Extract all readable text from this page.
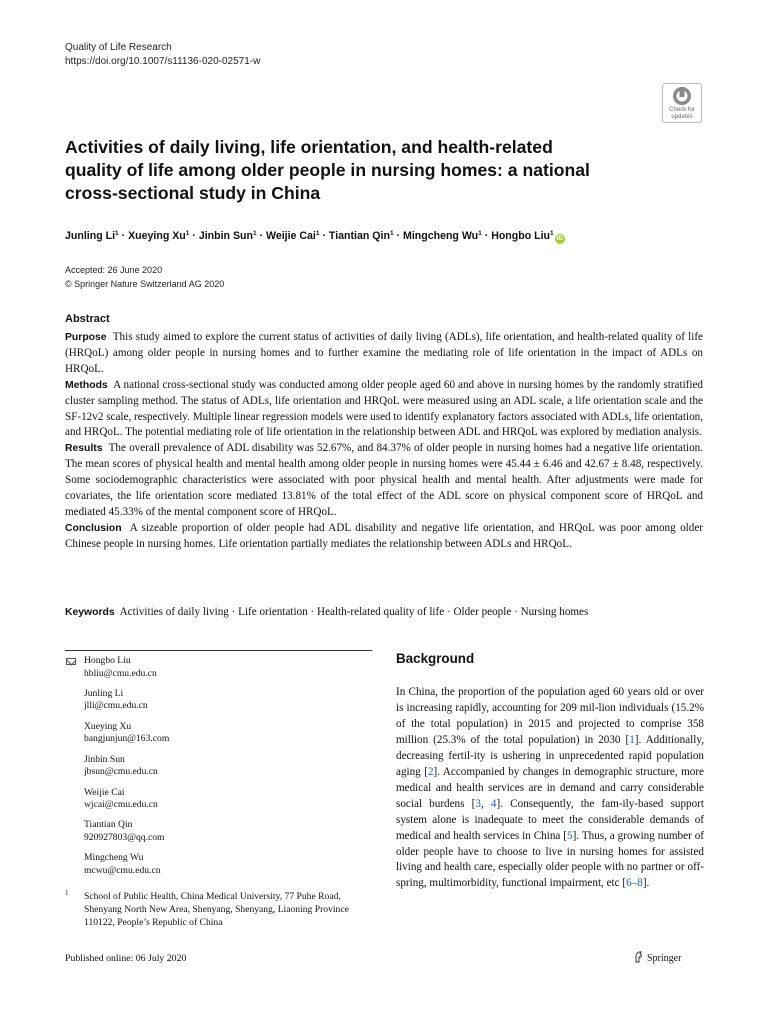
Quality of Life Research
https://doi.org/10.1007/s11136-020-02571-w
Check for
updates
Activities of daily living, life orientation, and health-related
quality of life among older people in nursing homes: a national
cross-sectional study in China
Junling $Li^1$ · Xueying $Xu^1$ · Jinbin Sun$^1$ · Weijie Cai$^1$ · Tiantian Qin$^1$ · Mingcheng $Wu^1$ · Hongbo Liu$^1$iD
Accepted: 26 June 2020
© Springer Nature Switzerland AG 2020
Abstract

Purpose This study aimed to explore the current status of activities of daily living (ADLs), life orientation, and health-related quality of life (HRQoL) among older people in nursing homes and to further examine the mediating role of life orientation in the impact of ADLs on HRQoL.

Methods A national cross-sectional study was conducted among older people aged 60 and above in nursing homes by the randomly stratified cluster sampling method. The status of ADLs, life orientation and HRQoL were measured using an ADL scale, a life orientation scale and the SF-12v2 scale, respectively. Multiple linear regression models were used to identify explanatory factors associated with ADLs, life orientation, and HRQoL. The potential mediating role of life orientation in the relationship between ADL and HRQoL was explored by mediation analysis.

Results The overall prevalence of ADL disability was 52.67%, and 84.37% of older people in nursing homes had a negative life orientation. The mean scores of physical health and mental health among older people in nursing homes were 45.44 ± 6.46 and 42.67 ± 8.48, respectively. Some sociodemographic characteristics were associated with poor physical health and mental health. After adjustments were made for covariates, the life orientation score mediated 13.81% of the total effect of the ADL score on physical component score of HRQoL and mediated 45.33% of the mental component score of HRQoL.

Conclusion A sizeable proportion of older people had ADL disability and negative life orientation, and HRQoL was poor among older Chinese people in nursing homes. Life orientation partially mediates the relationship between ADLs and HRQoL.

Keywords Activities of daily living · Life orientation · Health-related quality of life · Older people · Nursing homes
Hongbo Liu
hbliu@cmu.edu.cn
Junling Li
jlli@cmu.edu.cn
Xueying Xu
bangjunjun@163.com
Jinbin Sun
jbsun@cmu.edu.cn
Weijie Cai
wjcai@cmu.edu.cn
Tiantian Qin
920927803@qq.com
Mingcheng Wu
mcwu@cmu.edu.cn
1 School of Public Health, China Medical University, 77 Puhe Road, Shenyang North New Area, Shenyang, Shenyang, Liaoning Province 110122, People’s Republic of China
Background
In China, the proportion of the population aged 60 years old or over is increasing rapidly, accounting for 209 mil-lion individuals (15.2% of the total population) in 2015 and projected to comprise 358 million (25.3% of the total population) in 2030 [1]. Additionally, decreasing fertil-ity is ushering in unprecedented rapid population aging [2]. Accompanied by changes in demographic structure, more medical and health services are in demand and carry considerable social burdens [3, 4]. Consequently, the fam-ily-based support system alone is inadequate to meet the considerable demands of medical and health services in China [5]. Thus, a growing number of older people have to choose to live in nursing homes for assisted living and health care, especially older people with no partner or off-spring, multimorbidity, functional impairment, etc [6–8].
Published online: 06 July 2020	Springer
